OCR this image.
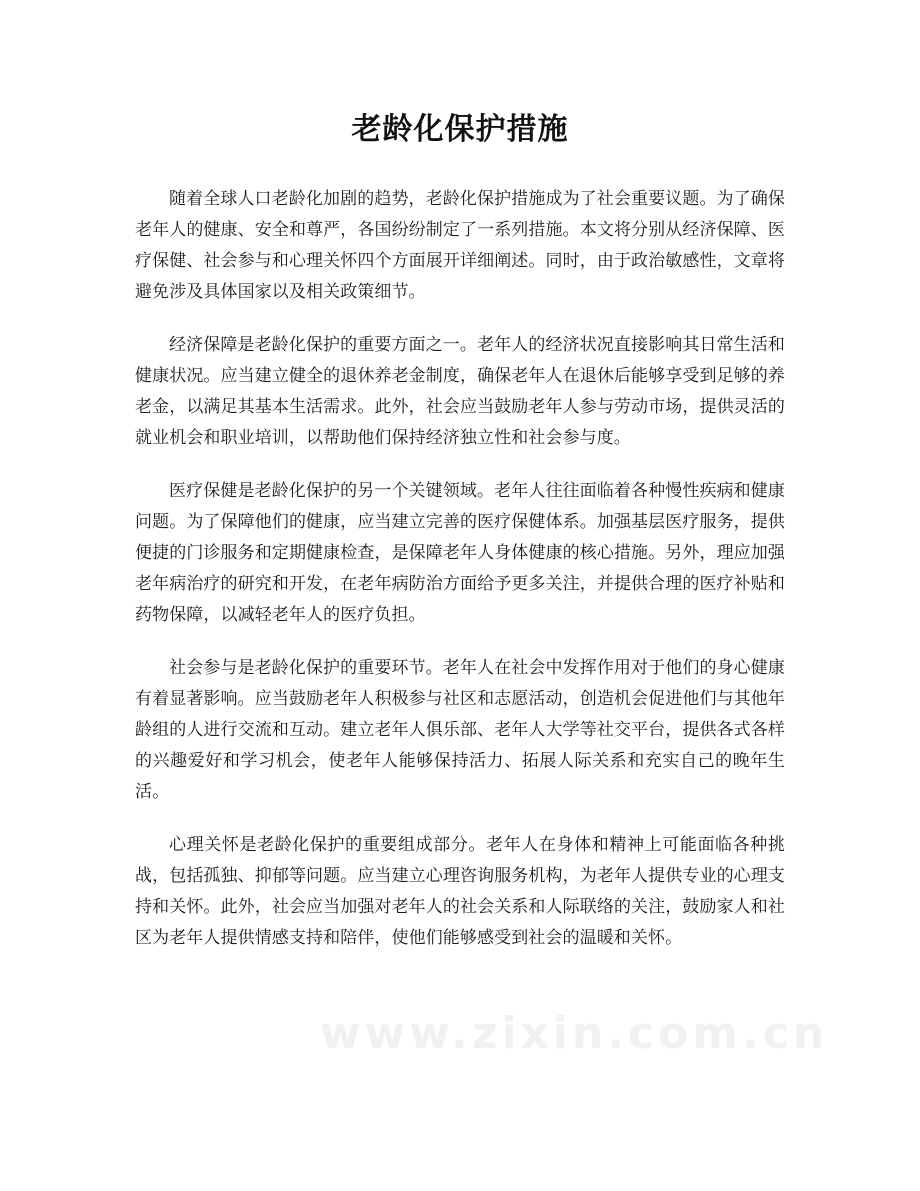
老龄化保护措施

随着全球人口老龄化加剧的趋势，老龄化保护措施成为了社会重要议题。为了确保老年人的健康、安全和尊严，各国纷纷制定了一系列措施。本文将分别从经济保障、医疗保健、社会参与和心理关怀四个方面展开详细阐述。同时，由于政治敏感性，文章将避免涉及具体国家以及相关政策细节。

经济保障是老龄化保护的重要方面之一。老年人的经济状况直接影响其日常生活和健康状况。应当建立健全的退休养老金制度，确保老年人在退休后能够享受到足够的养老金，以满足其基本生活需求。此外，社会应当鼓励老年人参与劳动市场，提供灵活的就业机会和职业培训，以帮助他们保持经济独立性和社会参与度。

医疗保健是老龄化保护的另一个关键领域。老年人往往面临着各种慢性疾病和健康问题。为了保障他们的健康，应当建立完善的医疗保健体系。加强基层医疗服务，提供便捷的门诊服务和定期健康检查，是保障老年人身体健康的核心措施。另外，理应加强老年病治疗的研究和开发，在老年病防治方面给予更多关注，并提供合理的医疗补贴和药物保障，以减轻老年人的医疗负担。

社会参与是老龄化保护的重要环节。老年人在社会中发挥作用对于他们的身心健康有着显著影响。应当鼓励老年人积极参与社区和志愿活动，创造机会促进他们与其他年龄组的人进行交流和互动。建立老年人俱乐部、老年人大学等社交平台，提供各式各样的兴趣爱好和学习机会，使老年人能够保持活力、拓展人际关系和充实自己的晚年生活。

心理关怀是老龄化保护的重要组成部分。老年人在身体和精神上可能面临各种挑战，包括孤独、抑郁等问题。应当建立心理咨询服务机构，为老年人提供专业的心理支持和关怀。此外，社会应当加强对老年人的社会关系和人际联络的关注，鼓励家人和社区为老年人提供情感支持和陪伴，使他们能够感受到社会的温暖和关怀。

www.zixin.com.cn
